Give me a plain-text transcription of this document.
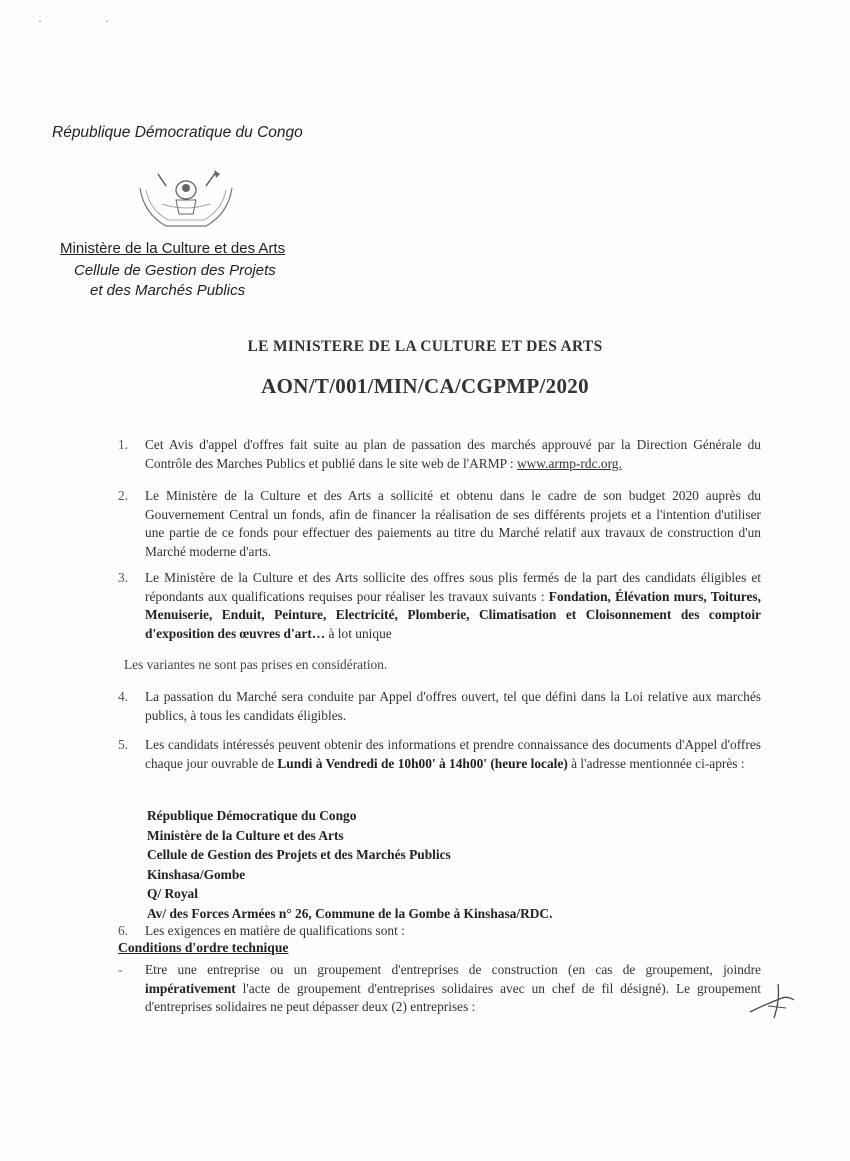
· ·
République Démocratique du Congo
Ministère de la Culture et des Arts
Cellule de Gestion des Projets
et des Marchés Publics
LE MINISTERE DE LA CULTURE ET DES ARTS
AON/T/001/MIN/CA/CGPMP/2020
1. Cet Avis d'appel d'offres fait suite au plan de passation des marchés approuvé par la Direction Générale du Contrôle des Marches Publics et publié dans le site web de l'ARMP : www.armp-rdc.org.
2. Le Ministère de la Culture et des Arts a sollicité et obtenu dans le cadre de son budget 2020 auprès du Gouvernement Central un fonds, afin de financer la réalisation de ses différents projets et a l'intention d'utiliser une partie de ce fonds pour effectuer des paiements au titre du Marché relatif aux travaux de construction d'un Marché moderne d'arts.
3. Le Ministère de la Culture et des Arts sollicite des offres sous plis fermés de la part des candidats éligibles et répondants aux qualifications requises pour réaliser les travaux suivants : Fondation, Élévation murs, Toitures, Menuiserie, Enduit, Peinture, Electricité, Plomberie, Climatisation et Cloisonnement des comptoir d'exposition des œuvres d'art… à lot unique
Les variantes ne sont pas prises en considération.
4. La passation du Marché sera conduite par Appel d'offres ouvert, tel que défini dans la Loi relative aux marchés publics, à tous les candidats éligibles.
5. Les candidats intéressés peuvent obtenir des informations et prendre connaissance des documents d'Appel d'offres chaque jour ouvrable de Lundi à Vendredi de 10h00' à 14h00' (heure locale) à l'adresse mentionnée ci-après :
République Démocratique du Congo
Ministère de la Culture et des Arts
Cellule de Gestion des Projets et des Marchés Publics
Kinshasa/Gombe
Q/ Royal
Av/ des Forces Armées n° 26, Commune de la Gombe à Kinshasa/RDC.
6. Les exigences en matière de qualifications sont :
Conditions d'ordre technique
- Etre une entreprise ou un groupement d'entreprises de construction (en cas de groupement, joindre impérativement l'acte de groupement d'entreprises solidaires avec un chef de fil désigné). Le groupement d'entreprises solidaires ne peut dépasser deux (2) entreprises :
